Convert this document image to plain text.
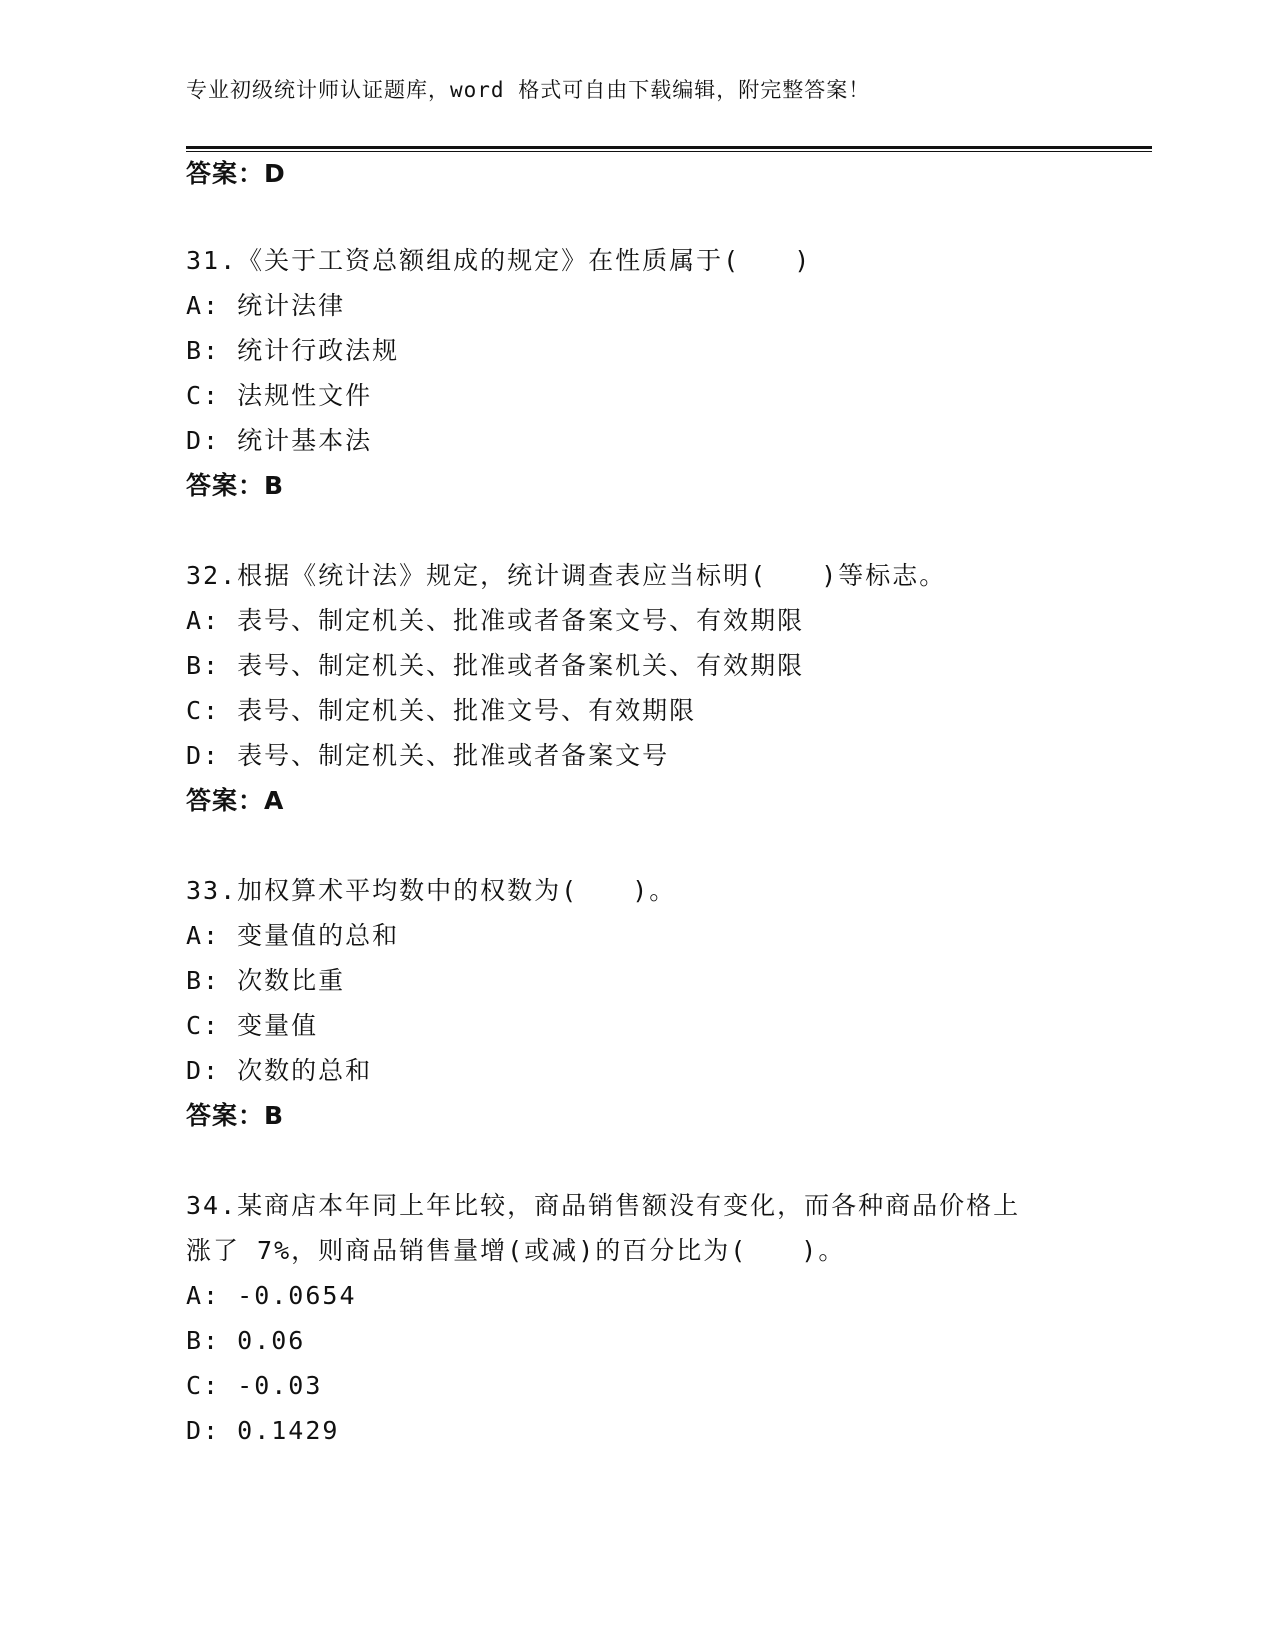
专业初级统计师认证题库，word 格式可自由下载编辑，附完整答案！
答案：D
31.《关于工资总额组成的规定》在性质属于(　　)
A: 统计法律
B: 统计行政法规
C: 法规性文件
D: 统计基本法
答案：B
32.根据《统计法》规定，统计调查表应当标明(　　)等标志。
A: 表号、制定机关、批准或者备案文号、有效期限
B: 表号、制定机关、批准或者备案机关、有效期限
C: 表号、制定机关、批准文号、有效期限
D: 表号、制定机关、批准或者备案文号
答案：A
33.加权算术平均数中的权数为(　　)。
A: 变量值的总和
B: 次数比重
C: 变量值
D: 次数的总和
答案：B
34.某商店本年同上年比较，商品销售额没有变化，而各种商品价格上
涨了 7%，则商品销售量增(或减)的百分比为(　　)。
A: -0.0654
B: 0.06
C: -0.03
D: 0.1429
